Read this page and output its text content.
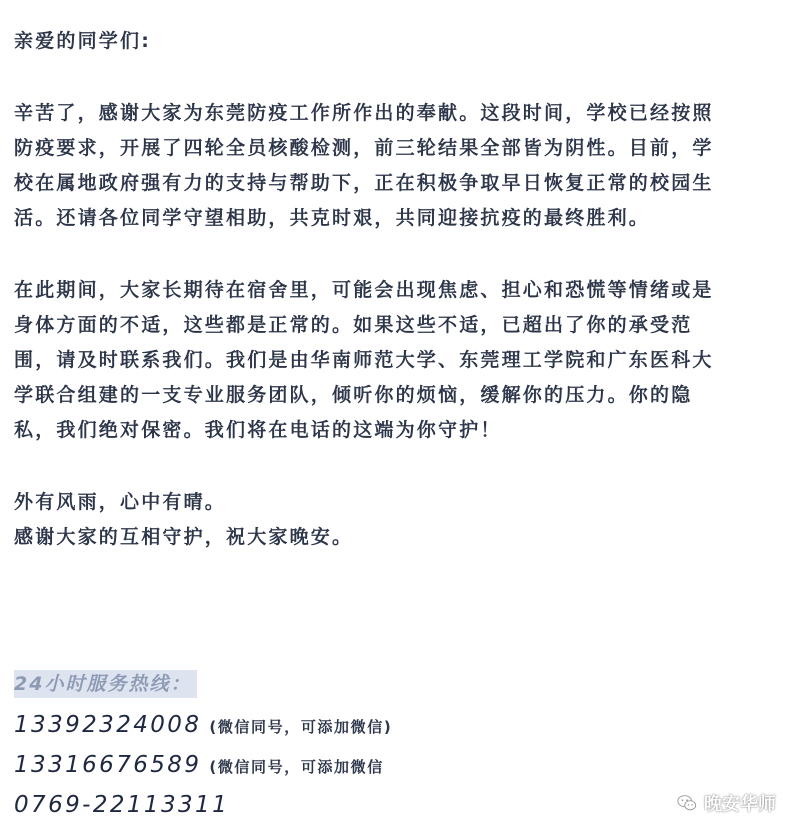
亲爱的同学们:

辛苦了，感谢大家为东莞防疫工作所作出的奉献。这段时间，学校已经按照

防疫要求，开展了四轮全员核酸检测，前三轮结果全部皆为阴性。目前，学

校在属地政府强有力的支持与帮助下，正在积极争取早日恢复正常的校园生

活。还请各位同学守望相助，共克时艰，共同迎接抗疫的最终胜利。

在此期间，大家长期待在宿舍里，可能会出现焦虑、担心和恐慌等情绪或是

身体方面的不适，这些都是正常的。如果这些不适，已超出了你的承受范

围，请及时联系我们。我们是由华南师范大学、东莞理工学院和广东医科大

学联合组建的一支专业服务团队，倾听你的烦恼，缓解你的压力。你的隐

私，我们绝对保密。我们将在电话的这端为你守护！

外有风雨，心中有晴。

感谢大家的互相守护，祝大家晚安。

24小时服务热线：
13392324008 (微信同号，可添加微信)
13316676589 (微信同号，可添加微信
0769-22113311	晚安华师
